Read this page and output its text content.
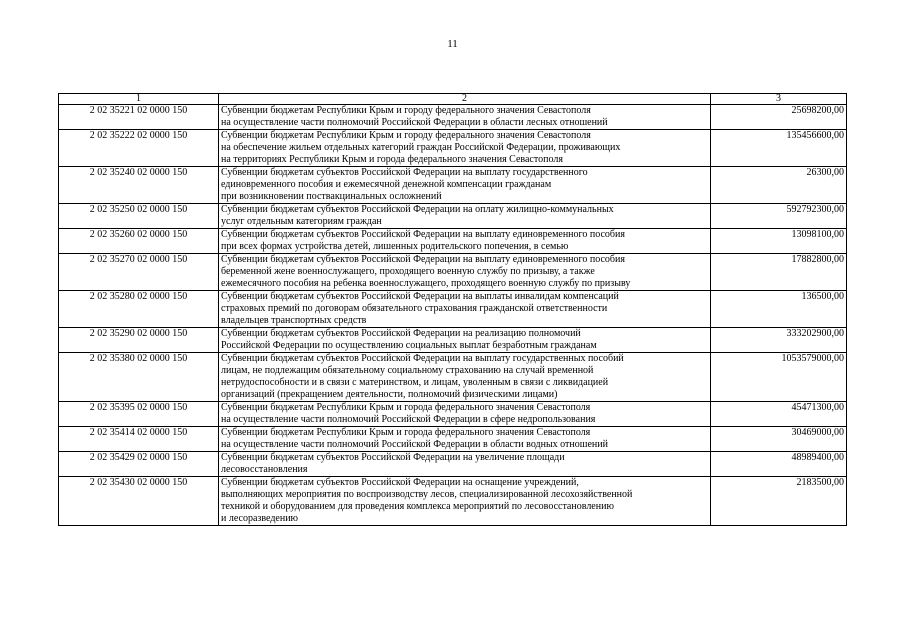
11
1	2	3
2 02 35221 02 0000 150	Субвенции бюджетам Республики Крым и городу федерального значения Севастополя
на осуществление части полномочий Российской Федерации в области лесных отношений	25698200,00
2 02 35222 02 0000 150	Субвенции бюджетам Республики Крым и городу федерального значения Севастополя
на обеспечение жильем отдельных категорий граждан Российской Федерации, проживающих
на территориях Республики Крым и города федерального значения Севастополя	135456600,00
2 02 35240 02 0000 150	Субвенции бюджетам субъектов Российской Федерации на выплату государственного
единовременного пособия и ежемесячной денежной компенсации гражданам
при возникновении поствакцинальных осложнений	26300,00
2 02 35250 02 0000 150	Субвенции бюджетам субъектов Российской Федерации на оплату жилищно-коммунальных
услуг отдельным категориям граждан	592792300,00
2 02 35260 02 0000 150	Субвенции бюджетам субъектов Российской Федерации на выплату единовременного пособия
при всех формах устройства детей, лишенных родительского попечения, в семью	13098100,00
2 02 35270 02 0000 150	Субвенции бюджетам субъектов Российской Федерации на выплату единовременного пособия
беременной жене военнослужащего, проходящего военную службу по призыву, а также
ежемесячного пособия на ребенка военнослужащего, проходящего военную службу по призыву	17882800,00
2 02 35280 02 0000 150	Субвенции бюджетам субъектов Российской Федерации на выплаты инвалидам компенсаций
страховых премий по договорам обязательного страхования гражданской ответственности
владельцев транспортных средств	136500,00
2 02 35290 02 0000 150	Субвенции бюджетам субъектов Российской Федерации на реализацию полномочий
Российской Федерации по осуществлению социальных выплат безработным гражданам	333202900,00
2 02 35380 02 0000 150	Субвенции бюджетам субъектов Российской Федерации на выплату государственных пособий
лицам, не подлежащим обязательному социальному страхованию на случай временной
нетрудоспособности и в связи с материнством, и лицам, уволенным в связи с ликвидацией
организаций (прекращением деятельности, полномочий физическими лицами)	1053579000,00
2 02 35395 02 0000 150	Субвенции бюджетам Республики Крым и города федерального значения Севастополя
на осуществление части полномочий Российской Федерации в сфере недропользования	45471300,00
2 02 35414 02 0000 150	Субвенции бюджетам Республики Крым и города федерального значения Севастополя
на осуществление части полномочий Российской Федерации в области водных отношений	30469000,00
2 02 35429 02 0000 150	Субвенции бюджетам субъектов Российской Федерации на увеличение площади
лесовосстановления	48989400,00
2 02 35430 02 0000 150	Субвенции бюджетам субъектов Российской Федерации на оснащение учреждений,
выполняющих мероприятия по воспроизводству лесов, специализированной лесохозяйственной
техникой и оборудованием для проведения комплекса мероприятий по лесовосстановлению
и лесоразведению	2183500,00
